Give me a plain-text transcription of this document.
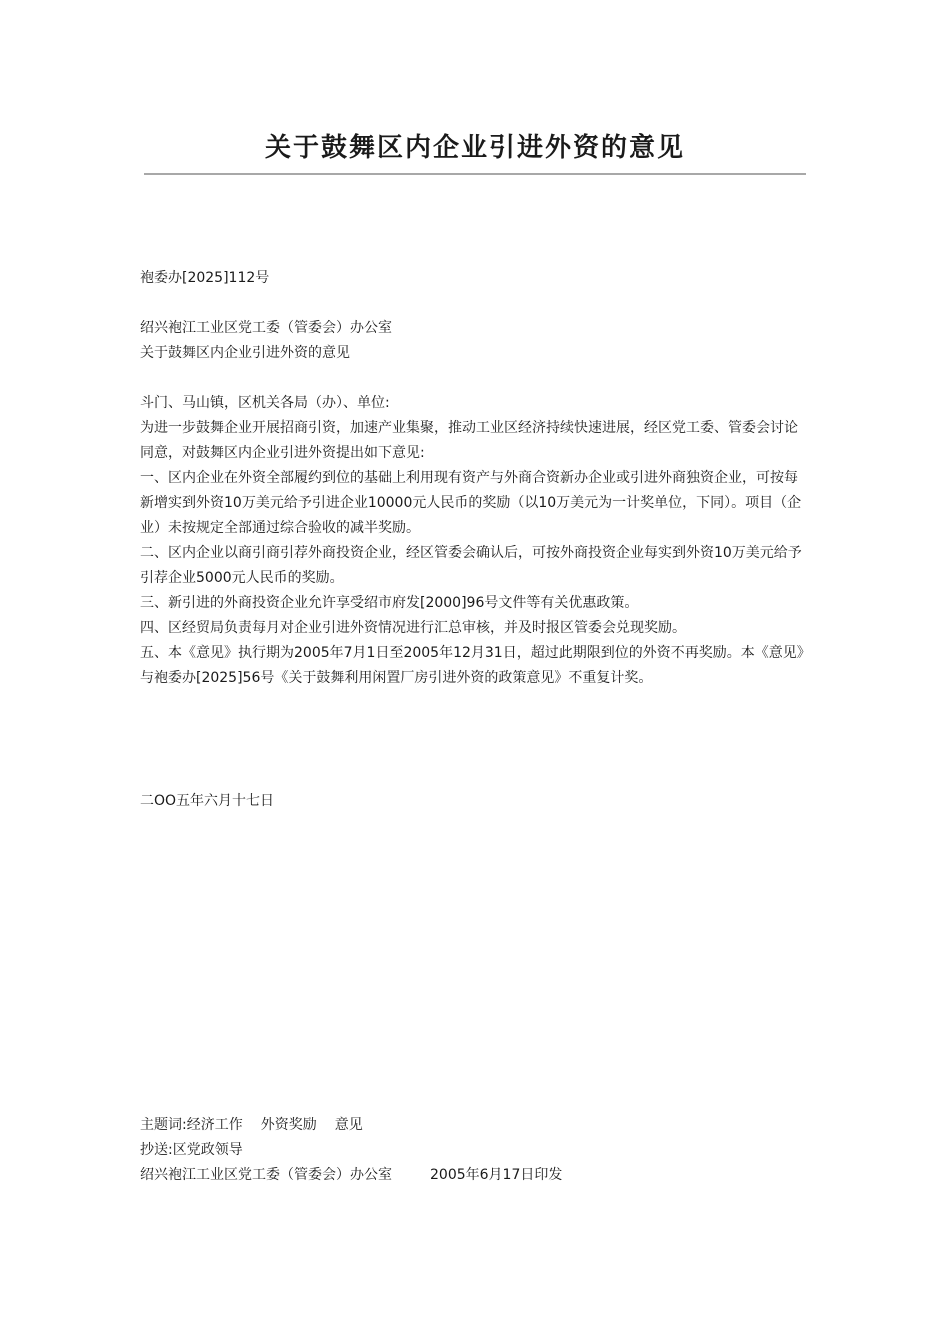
关于鼓舞区内企业引进外资的意见

袍委办[2025]112号

绍兴袍江工业区党工委（管委会）办公室
关于鼓舞区内企业引进外资的意见
斗门、马山镇，区机关各局（办）、单位:
为进一步鼓舞企业开展招商引资，加速产业集聚，推动工业区经济持续快速进展，经区党工委、管委会讨论同意，对鼓舞区内企业引进外资提出如下意见:
一、区内企业在外资全部履约到位的基础上利用现有资产与外商合资新办企业或引进外商独资企业，可按每新增实到外资10万美元给予引进企业10000元人民币的奖励（以10万美元为一计奖单位，下同）。项目（企业）未按规定全部通过综合验收的减半奖励。
二、区内企业以商引商引荐外商投资企业，经区管委会确认后，可按外商投资企业每实到外资10万美元给予引荐企业5000元人民币的奖励。
三、新引进的外商投资企业允许享受绍市府发[2000]96号文件等有关优惠政策。
四、区经贸局负责每月对企业引进外资情况进行汇总审核，并及时报区管委会兑现奖励。
五、本《意见》执行期为2005年7月1日至2005年12月31日，超过此期限到位的外资不再奖励。本《意见》与袍委办[2025]56号《关于鼓舞利用闲置厂房引进外资的政策意见》不重复计奖。

二OO五年六月十七日

主题词:经济工作 外资奖励 意见
抄送:区党政领导
绍兴袍江工业区党工委（管委会）办公室	2005年6月17日印发
